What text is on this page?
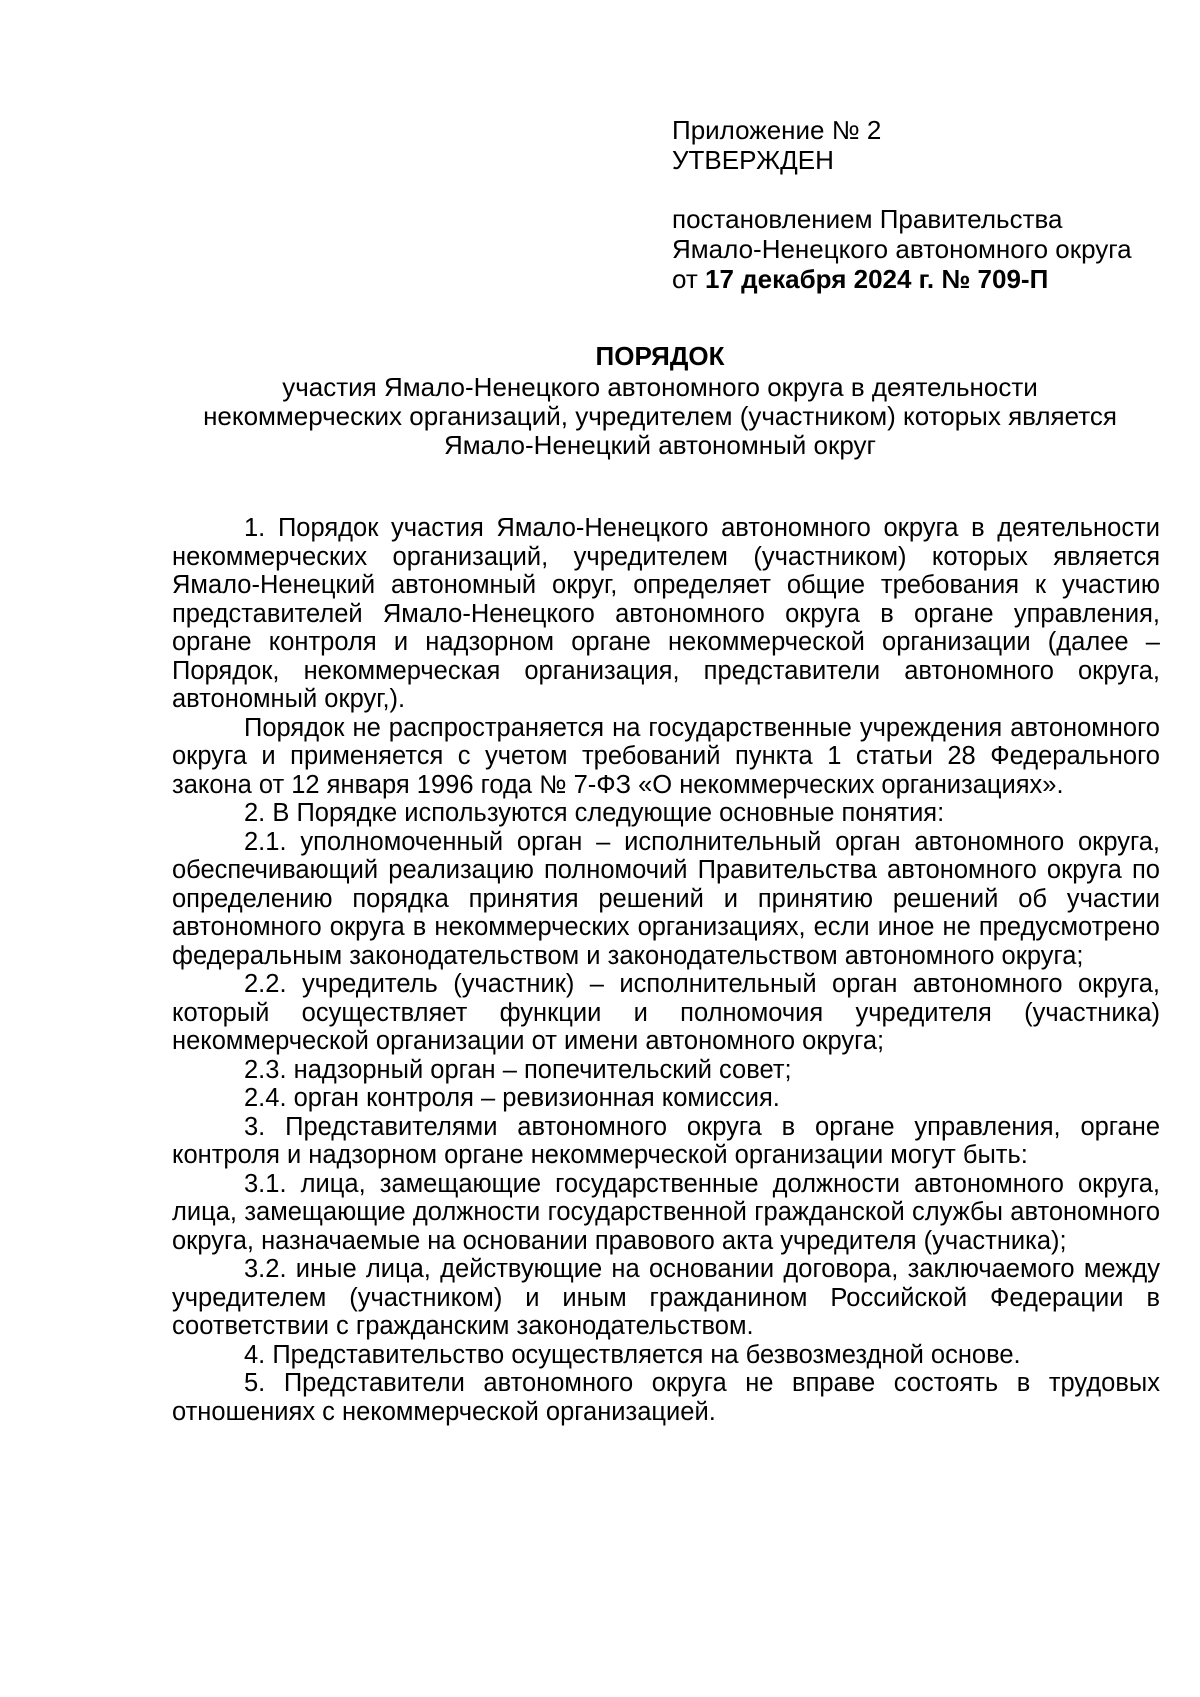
Приложение № 2
УТВЕРЖДЕН
постановлением Правительства
Ямало-Ненецкого автономного округа
от 17 декабря 2024 г. № 709-П
ПОРЯДОК
участия Ямало-Ненецкого автономного округа в деятельности
некоммерческих организаций, учредителем (участником) которых является
Ямало-Ненецкий автономный округ

1. Порядок участия Ямало-Ненецкого автономного округа в деятельности некоммерческих организаций, учредителем (участником) которых является Ямало-Ненецкий автономный округ, определяет общие требования к участию представителей Ямало-Ненецкого автономного округа в органе управления, органе контроля и надзорном органе некоммерческой организации (далее – Порядок, некоммерческая организация, представители автономного округа, автономный округ,).

Порядок не распространяется на государственные учреждения автономного округа и применяется с учетом требований пункта 1 статьи 28 Федерального закона от 12 января 1996 года № 7-ФЗ «О некоммерческих организациях».

2. В Порядке используются следующие основные понятия:

2.1. уполномоченный орган – исполнительный орган автономного округа, обеспечивающий реализацию полномочий Правительства автономного округа по определению порядка принятия решений и принятию решений об участии автономного округа в некоммерческих организациях, если иное не предусмотрено федеральным законодательством и законодательством автономного округа;

2.2. учредитель (участник) – исполнительный орган автономного округа, который осуществляет функции и полномочия учредителя (участника) некоммерческой организации от имени автономного округа;

2.3. надзорный орган – попечительский совет;

2.4. орган контроля – ревизионная комиссия.

3. Представителями автономного округа в органе управления, органе контроля и надзорном органе некоммерческой организации могут быть:

3.1. лица, замещающие государственные должности автономного округа, лица, замещающие должности государственной гражданской службы автономного округа, назначаемые на основании правового акта учредителя (участника);

3.2. иные лица, действующие на основании договора, заключаемого между учредителем (участником) и иным гражданином Российской Федерации в соответствии с гражданским законодательством.

4. Представительство осуществляется на безвозмездной основе.

5. Представители автономного округа не вправе состоять в трудовых отношениях с некоммерческой организацией.
